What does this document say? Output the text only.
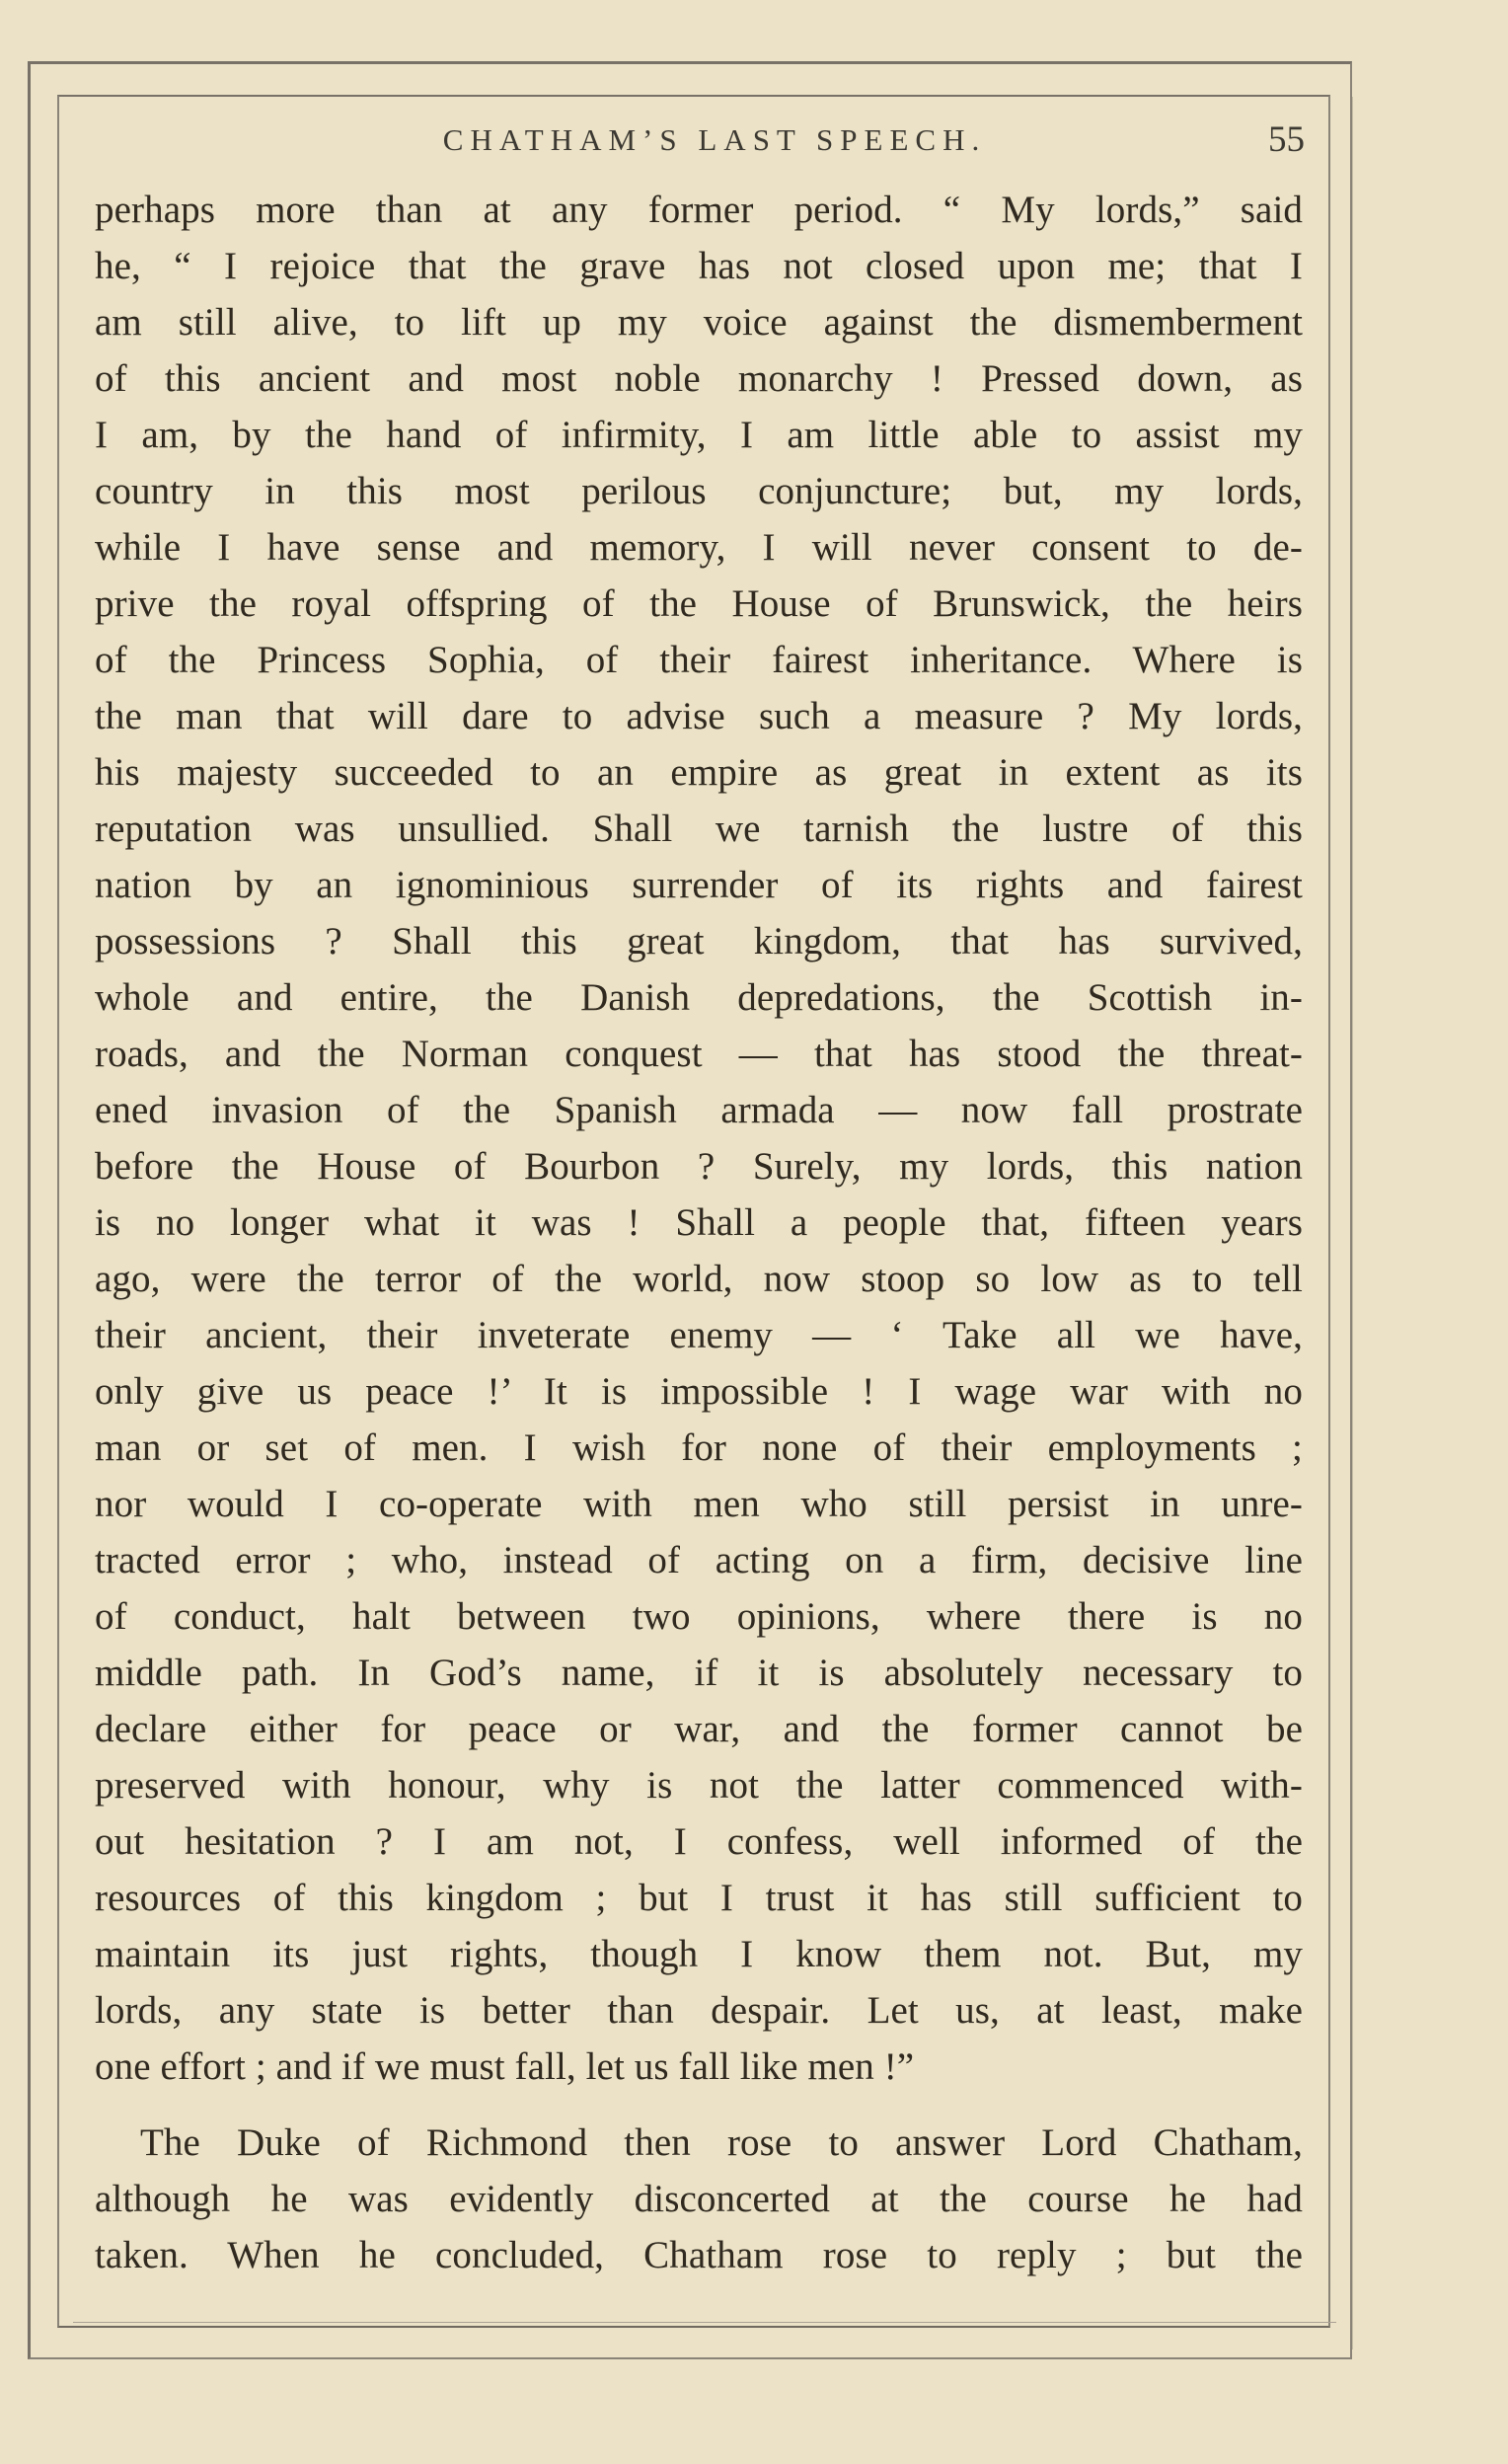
CHATHAM’S LAST SPEECH.	55
perhaps more than at any former period. “ My lords,” said
he, “ I rejoice that the grave has not closed upon me; that I
am still alive, to lift up my voice against the dismemberment
of this ancient and most noble monarchy ! Pressed down, as
I am, by the hand of infirmity, I am little able to assist my
country in this most perilous conjuncture; but, my lords,
while I have sense and memory, I will never consent to de-
prive the royal offspring of the House of Brunswick, the heirs
of the Princess Sophia, of their fairest inheritance. Where is
the man that will dare to advise such a measure ? My lords,
his majesty succeeded to an empire as great in extent as its
reputation was unsullied. Shall we tarnish the lustre of this
nation by an ignominious surrender of its rights and fairest
possessions ? Shall this great kingdom, that has survived,
whole and entire, the Danish depredations, the Scottish in-
roads, and the Norman conquest — that has stood the threat-
ened invasion of the Spanish armada — now fall prostrate
before the House of Bourbon ? Surely, my lords, this nation
is no longer what it was ! Shall a people that, fifteen years
ago, were the terror of the world, now stoop so low as to tell
their ancient, their inveterate enemy — ‘ Take all we have,
only give us peace !’ It is impossible ! I wage war with no
man or set of men. I wish for none of their employments ;
nor would I co-operate with men who still persist in unre-
tracted error ; who, instead of acting on a firm, decisive line
of conduct, halt between two opinions, where there is no
middle path. In God’s name, if it is absolutely necessary to
declare either for peace or war, and the former cannot be
preserved with honour, why is not the latter commenced with-
out hesitation ? I am not, I confess, well informed of the
resources of this kingdom ; but I trust it has still sufficient to
maintain its just rights, though I know them not. But, my
lords, any state is better than despair. Let us, at least, make
one effort ; and if we must fall, let us fall like men !”
The Duke of Richmond then rose to answer Lord Chatham,
although he was evidently disconcerted at the course he had
taken. When he concluded, Chatham rose to reply ; but the
